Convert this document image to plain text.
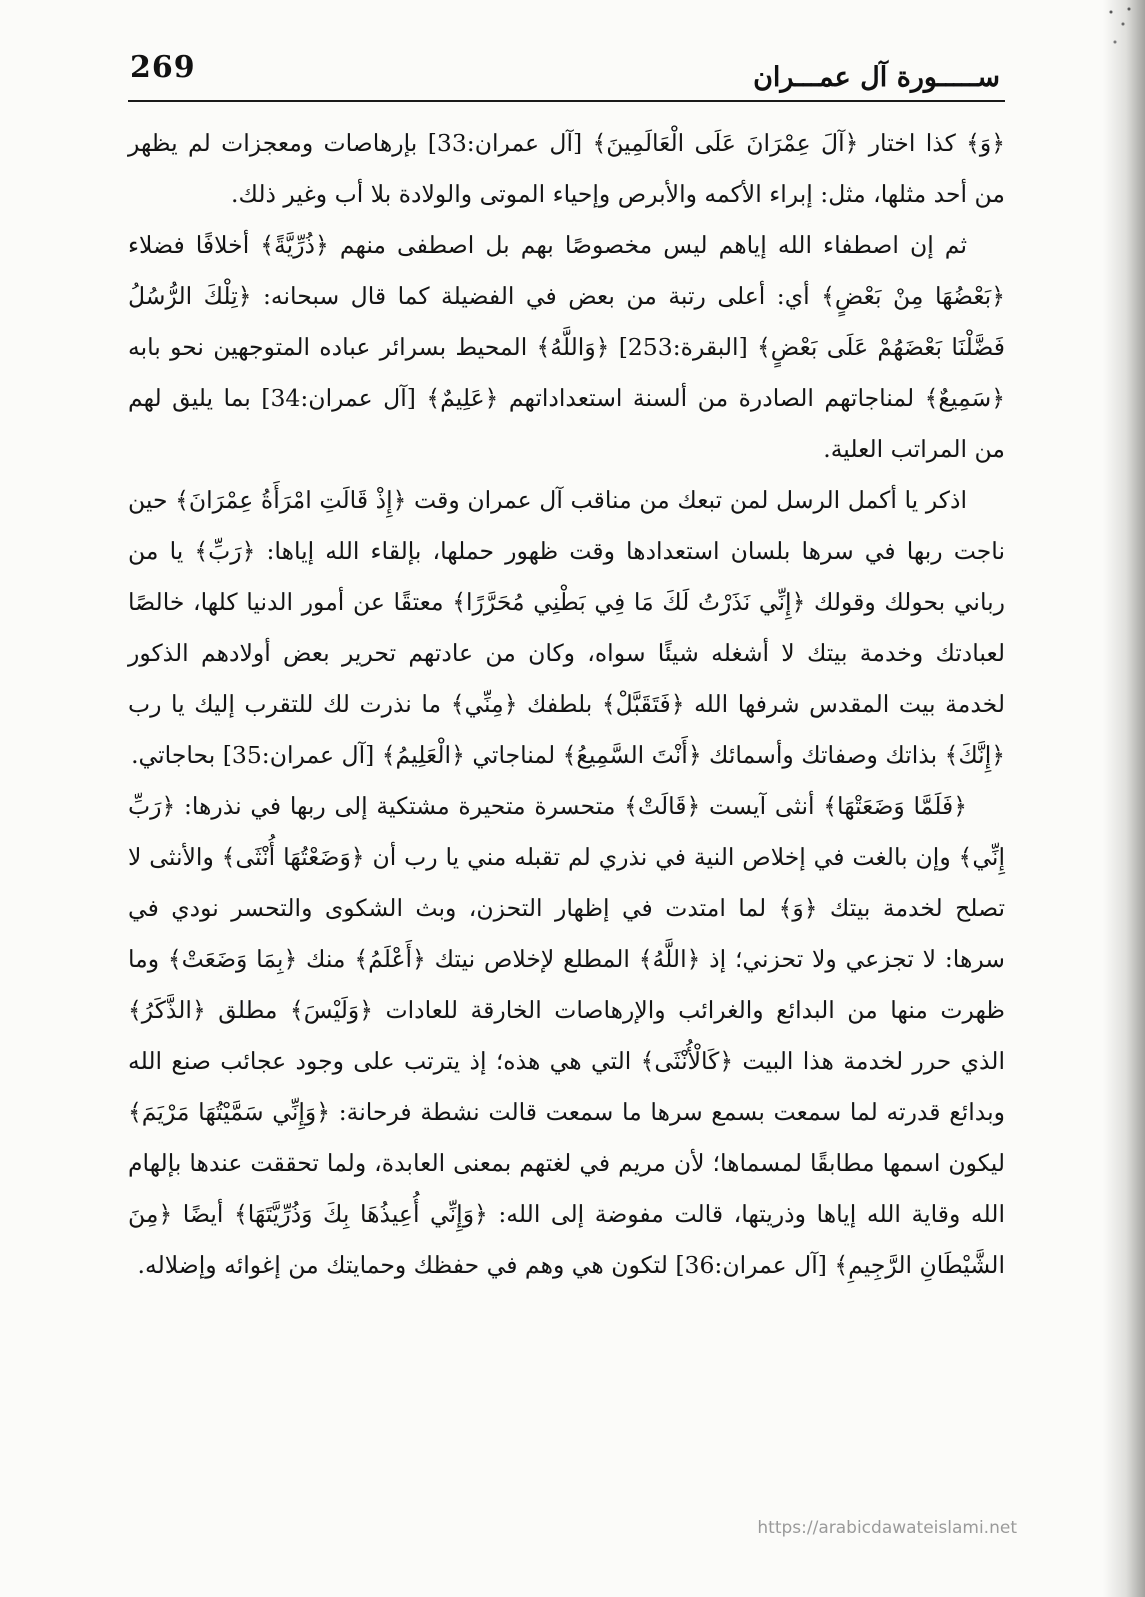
269	ســـــورة آل عمـــران

﴿وَ﴾ كذا اختار ﴿آلَ عِمْرَانَ عَلَى الْعَالَمِينَ﴾ [آل عمران:33] بإرهاصات ومعجزات لم يظهر من أحد مثلها، مثل: إبراء الأكمه والأبرص وإحياء الموتى والولادة بلا أب وغير ذلك.

ثم إن اصطفاء الله إياهم ليس مخصوصًا بهم بل اصطفى منهم ﴿ذُرِّيَّةً﴾ أخلافًا فضلاء ﴿بَعْضُهَا مِنْ بَعْضٍ﴾ أي: أعلى رتبة من بعض في الفضيلة كما قال سبحانه: ﴿تِلْكَ الرُّسُلُ فَضَّلْنَا بَعْضَهُمْ عَلَى بَعْضٍ﴾ [البقرة:253] ﴿وَاللَّهُ﴾ المحيط بسرائر عباده المتوجهين نحو بابه ﴿سَمِيعٌ﴾ لمناجاتهم الصادرة من ألسنة استعداداتهم ﴿عَلِيمٌ﴾ [آل عمران:34] بما يليق لهم من المراتب العلية.

اذكر يا أكمل الرسل لمن تبعك من مناقب آل عمران وقت ﴿إِذْ قَالَتِ امْرَأَةُ عِمْرَانَ﴾ حين ناجت ربها في سرها بلسان استعدادها وقت ظهور حملها، بإلقاء الله إياها: ﴿رَبِّ﴾ يا من رباني بحولك وقولك ﴿إِنِّي نَذَرْتُ لَكَ مَا فِي بَطْنِي مُحَرَّرًا﴾ معتقًا عن أمور الدنيا كلها، خالصًا لعبادتك وخدمة بيتك لا أشغله شيئًا سواه، وكان من عادتهم تحرير بعض أولادهم الذكور لخدمة بيت المقدس شرفها الله ﴿فَتَقَبَّلْ﴾ بلطفك ﴿مِنِّي﴾ ما نذرت لك للتقرب إليك يا رب ﴿إِنَّكَ﴾ بذاتك وصفاتك وأسمائك ﴿أَنْتَ السَّمِيعُ﴾ لمناجاتي ﴿الْعَلِيمُ﴾ [آل عمران:35] بحاجاتي.

﴿فَلَمَّا وَضَعَتْهَا﴾ أنثى آيست ﴿قَالَتْ﴾ متحسرة متحيرة مشتكية إلى ربها في نذرها: ﴿رَبِّ إِنِّي﴾ وإن بالغت في إخلاص النية في نذري لم تقبله مني يا رب أن ﴿وَضَعْتُهَا أُنْثَى﴾ والأنثى لا تصلح لخدمة بيتك ﴿وَ﴾ لما امتدت في إظهار التحزن، وبث الشكوى والتحسر نودي في سرها: لا تجزعي ولا تحزني؛ إذ ﴿اللَّهُ﴾ المطلع لإخلاص نيتك ﴿أَعْلَمُ﴾ منك ﴿بِمَا وَضَعَتْ﴾ وما ظهرت منها من البدائع والغرائب والإرهاصات الخارقة للعادات ﴿وَلَيْسَ﴾ مطلق ﴿الذَّكَرُ﴾ الذي حرر لخدمة هذا البيت ﴿كَالْأُنْثَى﴾ التي هي هذه؛ إذ يترتب على وجود عجائب صنع الله وبدائع قدرته لما سمعت بسمع سرها ما سمعت قالت نشطة فرحانة: ﴿وَإِنِّي سَمَّيْتُهَا مَرْيَمَ﴾ ليكون اسمها مطابقًا لمسماها؛ لأن مريم في لغتهم بمعنى العابدة، ولما تحققت عندها بإلهام الله وقاية الله إياها وذريتها، قالت مفوضة إلى الله: ﴿وَإِنِّي أُعِيذُهَا بِكَ وَذُرِّيَّتَهَا﴾ أيضًا ﴿مِنَ الشَّيْطَانِ الرَّجِيمِ﴾ [آل عمران:36] لتكون هي وهم في حفظك وحمايتك من إغوائه وإضلاله.

https://arabicdawateislami.net
